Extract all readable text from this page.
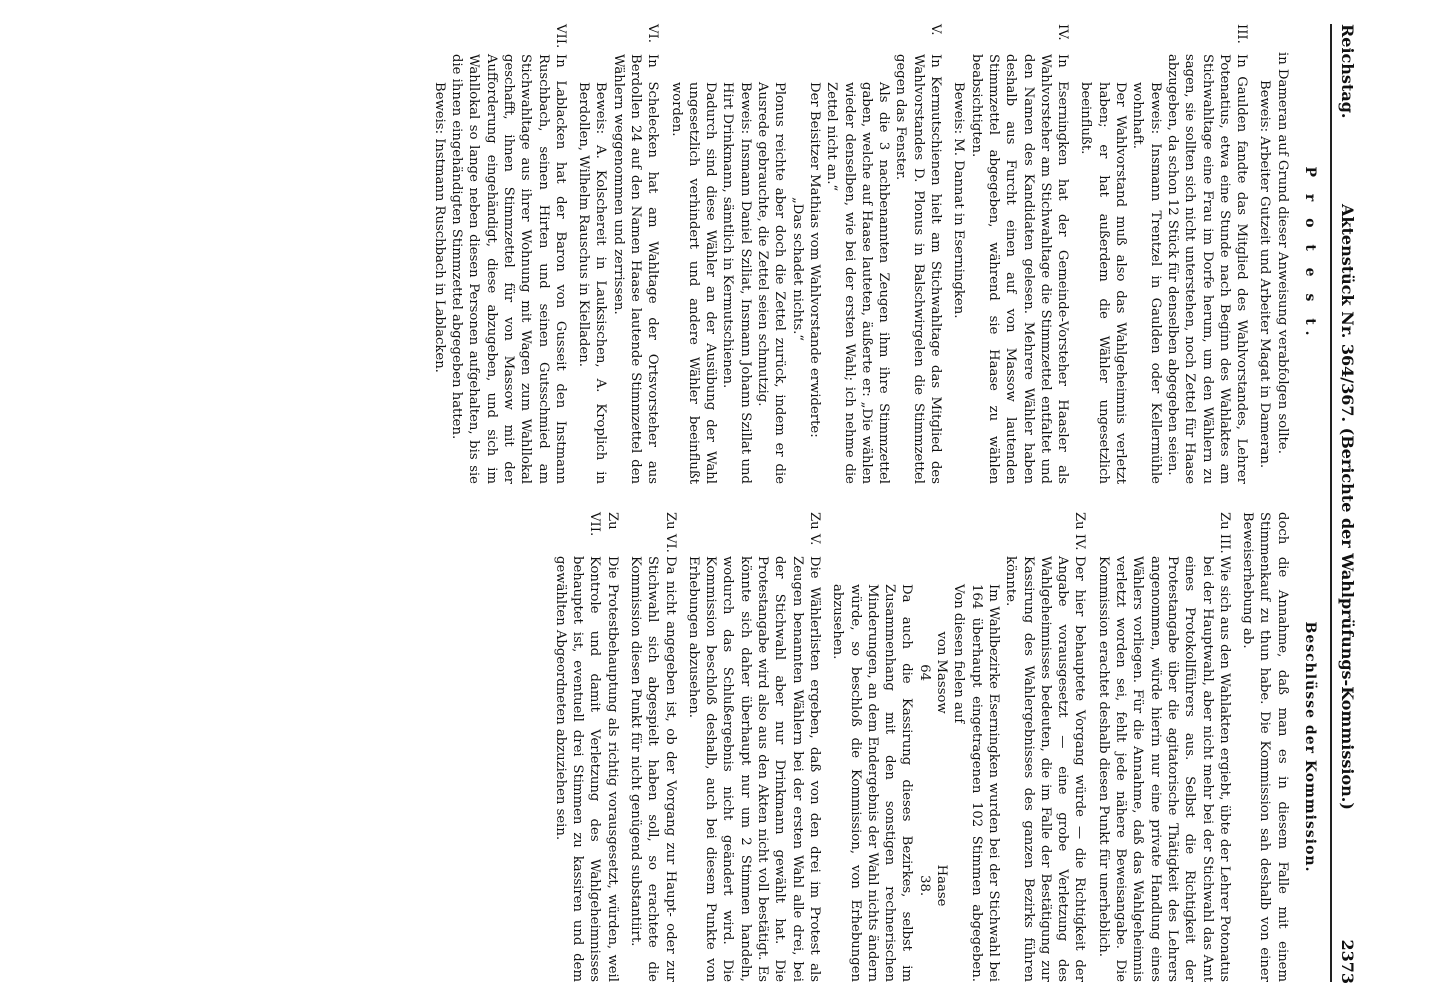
Reichstag.
Aktenstück Nr. 364/367. (Berichte der Wahlprüfungs-Kommission.)
2373
P r o t e s t.

in Dameran auf Grund dieser Anweisung verabfolgen sollte.

Beweis: Arbeiter Gutzeit und Arbeiter Magat in Dameran.

III.

In Gaulden fandte das Mitglied des Wahlvorstandes, Lehrer Potenatius, etwa eine Stunde nach Beginn des Wahlaktes am Stichwahltage eine Frau im Dorfe herum, um den Wählern zu sagen, sie sollten sich nicht unterstehen, noch Zettel für Haase abzugeben, da schon 12 Stück für denselben abgegeben seien.

Beweis: Insmann Trentzel in Gaulden oder Kellermühle wohnhaft.

Der Wahlvorstand muß also das Wahlgeheimnis verletzt haben; er hat außerdem die Wähler ungesetzlich beeinflußt.

IV.

In Eserningken hat der Gemeinde-Vorsteher Haasler als Wahlvorsteher am Stichwahltage die Stimmzettel entfaltet und den Namen des Kandidaten gelesen. Mehrere Wähler haben deshalb aus Furcht einen auf von Massow lautenden Stimmzettel abgegeben, während sie Haase zu wählen beabsichtigten.

Beweis: M. Dannat in Eserningken.

V.

In Kermutschienen hielt am Stichwahltage das Mitglied des Wahlvorstandes D. Plonus in Balschwirgelen die Stimmzettel gegen das Fenster.

Als die 3 nachbenannten Zeugen ihm ihre Stimmzettel gaben, welche auf Haase lauteten, äußerte er: „Die wählen wieder denselben, wie bei der ersten Wahl; ich nehme die Zettel nicht an.“

Der Beisitzer Mathias vom Wahlvorstande erwiderte:

„Das schadet nichts.“

Plonus reichte aber doch die Zettel zurück, indem er die Ausrede gebrauchte, die Zettel seien schmutzig.

Beweis: Insmann Daniel Sziliat, Insmann Johann Szillat und Hirt Drinkmann, sämtlich in Kermutschienen.

Dadurch sind diese Wähler an der Ausübung der Wahl ungesetzlich verhindert und andere Wähler beeinflußt worden.

VI.

In Schelecken hat am Wahltage der Ortsvorsteher aus Berdollen 24 auf den Namen Haase lautende Stimmzettel den Wählern weggenommen und zerrissen.

Beweis: A. Kolschereit in Lauksischen, A. Kroplich in Berdollen, Wilhelm Rauschus in Kielladen.

VII.

In Lablacken hat der Baron von Gusseit den Instmann Ruschbach, seinen Hirten und seinen Gutsschmied am Stichwahltage aus ihrer Wohnung mit Wagen zum Wahllokal geschafft, ihnen Stimmzettel für von Massow mit der Aufforderung eingehändigt, diese abzugeben, und sich im Wahllokal so lange neben diesen Personen aufgehalten, bis sie die ihnen eingehändigten Stimmzettel abgegeben hatten.

Beweis: Instmann Ruschbach in Lablacken.

Beschlüsse der Kommission.

doch die Annahme, daß man es in diesem Falle mit einem Stimmenkauf zu thun habe. Die Kommission sah deshalb von einer Beweiserhebung ab.

Zu III.

Wie sich aus den Wahlakten ergiebt, übte der Lehrer Potonatus bei der Hauptwahl, aber nicht mehr bei der Stichwahl das Amt eines Protokollführers aus. Selbst die Richtigkeit der Protestangabe über die agitatorische Thätigkeit des Lehrers angenommen, würde hierin nur eine private Handlung eines Wählers vorliegen. Für die Annahme, daß das Wahlgeheimnis verletzt worden sei, fehlt jede nähere Beweisangabe. Die Kommission erachtet deshalb diesen Punkt für unerheblich.

Zu IV.

Der hier behauptete Vorgang würde — die Richtigkeit der Angabe vorausgesetzt — eine grobe Verletzung des Wahlgeheimnisses bedeuten, die im Falle der Bestätigung zur Kassirung des Wahlergebnisses des ganzen Bezirks führen könnte.

Im Wahlbezirke Eserningken wurden bei der Stichwahl bei 164 überhaupt eingetragenen 102 Stimmen abgegeben. Von diesen fielen auf

von Massow
64
Haase
38.

Da auch die Kassirung dieses Bezirkes, selbst im Zusammenhang mit den sonstigen rechnerischen Minderungen, an dem Endergebnis der Wahl nichts ändern würde, so beschloß die Kommission, von Erhebungen abzusehen.

Zu V.

Die Wählerlisten ergeben, daß von den drei im Protest als Zeugen benannten Wählern bei der ersten Wahl alle drei, bei der Stichwahl aber nur Drinkmann gewählt hat. Die Protestangabe wird also aus den Akten nicht voll bestätigt. Es könnte sich daher überhaupt nur um 2 Stimmen handeln, wodurch das Schlußergebnis nicht geändert wird. Die Kommission beschloß deshalb, auch bei diesem Punkte von Erhebungen abzusehen.

Zu VI.

Da nicht angegeben ist, ob der Vorgang zur Haupt- oder zur Stichwahl sich abgespielt haben soll, so erachtete die Kommission diesen Punkt für nicht genügend substantiirt.

Zu VII.

Die Protestbehauptung als richtig vorausgesetzt, würden, weil Kontrole und damit Verletzung des Wahlgeheimnisses behauptet ist, eventuell drei Stimmen zu kassiren und dem gewählten Abgeordneten abzuziehen sein.
